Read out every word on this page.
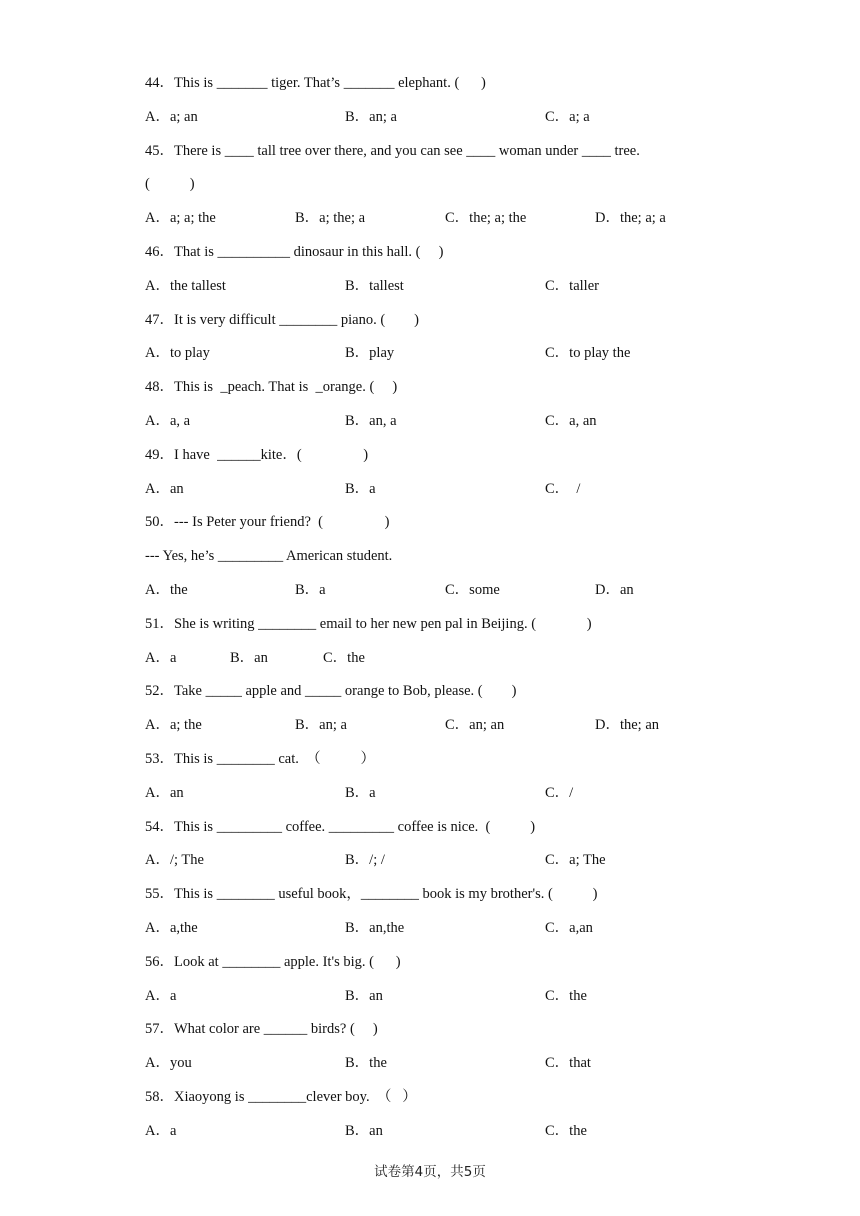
44．This is _______ tiger. That’s _______ elephant. (      )
A．a; an	B．an; a	C．a; a
45．There is ____ tall tree over there, and you can see ____ woman under ____ tree.
(           )
A．a; a; the	B．a; the; a	C．the; a; the	D．the; a; a
46．That is __________ dinosaur in this hall. (     )
A．the tallest	B．tallest	C．taller
47．It is very difficult ________ piano. (        )
A．to play	B．play	C．to play the
48．This is  _peach. That is  _orange. (     )
A．a, a	B．an, a	C．a, an
49．I have  ______kite．(                 )
A．an	B．a	C．  /
50．--- Is Peter your friend?  (                 )
--- Yes, he’s _________ American student.
A．the	B．a	C．some	D．an
51．She is writing ________ email to her new pen pal in Beijing. (              )
A．a	B．an	C．the
52．Take _____ apple and _____ orange to Bob, please. (        )
A．a; the	B．an; a	C．an; an	D．the; an
53．This is ________ cat.  （           ）
A．an	B．a	C．/
54．This is _________ coffee. _________ coffee is nice.  (           )
A．/; The	B．/; /	C．a; The
55．This is ________ useful book，________ book is my brother's. (           )
A．a,the	B．an,the	C．a,an
56．Look at ________ apple. It's big. (      )
A．a	B．an	C．the
57．What color are ______ birds? (     )
A．you	B．the	C．that
58．Xiaoyong is ________clever boy.  （   ）
A．a	B．an	C．the
试卷第4页，共5页
